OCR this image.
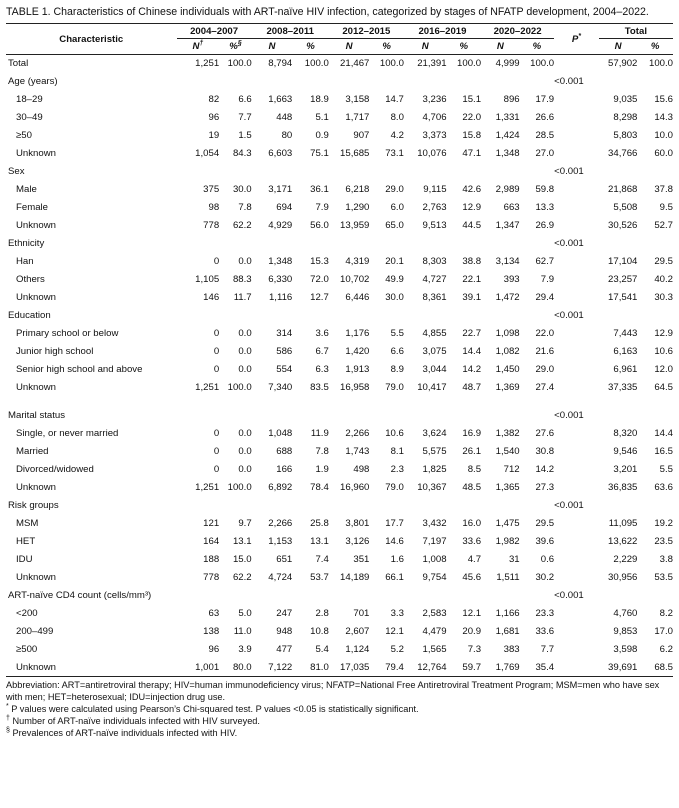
TABLE 1. Characteristics of Chinese individuals with ART-naïve HIV infection, categorized by stages of NFATP development, 2004–2022.
Characteristic	2004–2007		2008–2011		2012–2015		2016–2019		2020–2022		P*	Total	
	N†	%§	N	%	N	%	N	%	N	%		N	%
Total	1,251	100.0	8,794	100.0	21,467	100.0	21,391	100.0	4,999	100.0		57,902	100.0
Age (years)											<0.001		
18–29	82	6.6	1,663	18.9	3,158	14.7	3,236	15.1	896	17.9		9,035	15.6
30–49	96	7.7	448	5.1	1,717	8.0	4,706	22.0	1,331	26.6		8,298	14.3
≥50	19	1.5	80	0.9	907	4.2	3,373	15.8	1,424	28.5		5,803	10.0
Unknown	1,054	84.3	6,603	75.1	15,685	73.1	10,076	47.1	1,348	27.0		34,766	60.0
Sex											<0.001		
Male	375	30.0	3,171	36.1	6,218	29.0	9,115	42.6	2,989	59.8		21,868	37.8
Female	98	7.8	694	7.9	1,290	6.0	2,763	12.9	663	13.3		5,508	9.5
Unknown	778	62.2	4,929	56.0	13,959	65.0	9,513	44.5	1,347	26.9		30,526	52.7
Ethnicity											<0.001		
Han	0	0.0	1,348	15.3	4,319	20.1	8,303	38.8	3,134	62.7		17,104	29.5
Others	1,105	88.3	6,330	72.0	10,702	49.9	4,727	22.1	393	7.9		23,257	40.2
Unknown	146	11.7	1,116	12.7	6,446	30.0	8,361	39.1	1,472	29.4		17,541	30.3
Education											<0.001		
Primary school or below	0	0.0	314	3.6	1,176	5.5	4,855	22.7	1,098	22.0		7,443	12.9
Junior high school	0	0.0	586	6.7	1,420	6.6	3,075	14.4	1,082	21.6		6,163	10.6
Senior high school and above	0	0.0	554	6.3	1,913	8.9	3,044	14.2	1,450	29.0		6,961	12.0
Unknown	1,251	100.0	7,340	83.5	16,958	79.0	10,417	48.7	1,369	27.4		37,335	64.5

Marital status											<0.001		
Single, or never married	0	0.0	1,048	11.9	2,266	10.6	3,624	16.9	1,382	27.6		8,320	14.4
Married	0	0.0	688	7.8	1,743	8.1	5,575	26.1	1,540	30.8		9,546	16.5
Divorced/widowed	0	0.0	166	1.9	498	2.3	1,825	8.5	712	14.2		3,201	5.5
Unknown	1,251	100.0	6,892	78.4	16,960	79.0	10,367	48.5	1,365	27.3		36,835	63.6
Risk groups											<0.001		
MSM	121	9.7	2,266	25.8	3,801	17.7	3,432	16.0	1,475	29.5		11,095	19.2
HET	164	13.1	1,153	13.1	3,126	14.6	7,197	33.6	1,982	39.6		13,622	23.5
IDU	188	15.0	651	7.4	351	1.6	1,008	4.7	31	0.6		2,229	3.8
Unknown	778	62.2	4,724	53.7	14,189	66.1	9,754	45.6	1,511	30.2		30,956	53.5
ART-naïve CD4 count (cells/mm³)											<0.001		
<200	63	5.0	247	2.8	701	3.3	2,583	12.1	1,166	23.3		4,760	8.2
200–499	138	11.0	948	10.8	2,607	12.1	4,479	20.9	1,681	33.6		9,853	17.0
≥500	96	3.9	477	5.4	1,124	5.2	1,565	7.3	383	7.7		3,598	6.2
Unknown	1,001	80.0	7,122	81.0	17,035	79.4	12,764	59.7	1,769	35.4		39,691	68.5
Abbreviation: ART=antiretroviral therapy; HIV=human immunodeficiency virus; NFATP=National Free Antiretroviral Treatment Program; MSM=men who have sex with men; HET=heterosexual; IDU=injection drug use.
* P values were calculated using Pearson’s Chi-squared test. P values <0.05 is statistically significant.
† Number of ART-naïve individuals infected with HIV surveyed.
§ Prevalences of ART-naïve individuals infected with HIV.
